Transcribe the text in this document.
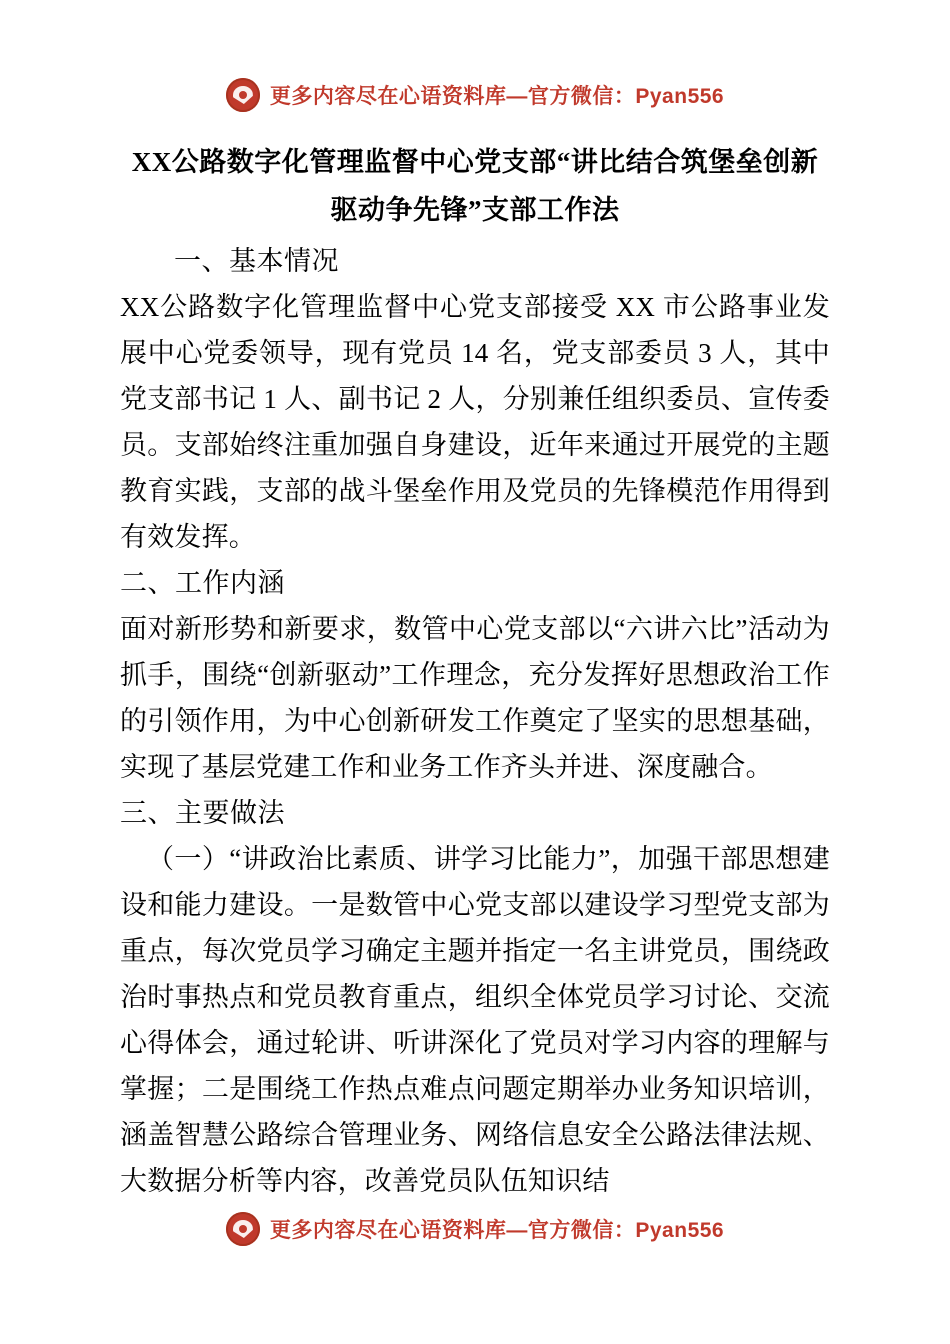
更多内容尽在心语资料库—官方微信：Pyan556
XX公路数字化管理监督中心党支部“讲比结合筑堡垒创新驱动争先锋”支部工作法

一、基本情况

XX公路数字化管理监督中心党支部接受 XX 市公路事业发展中心党委领导，现有党员 14 名，党支部委员 3 人，其中党支部书记 1 人、副书记 2 人，分别兼任组织委员、宣传委员。支部始终注重加强自身建设，近年来通过开展党的主题教育实践，支部的战斗堡垒作用及党员的先锋模范作用得到有效发挥。

二、工作内涵

面对新形势和新要求，数管中心党支部以“六讲六比”活动为抓手，围绕“创新驱动”工作理念，充分发挥好思想政治工作的引领作用，为中心创新研发工作奠定了坚实的思想基础，实现了基层党建工作和业务工作齐头并进、深度融合。

三、主要做法

（一）“讲政治比素质、讲学习比能力”，加强干部思想建设和能力建设。一是数管中心党支部以建设学习型党支部为重点，每次党员学习确定主题并指定一名主讲党员，围绕政治时事热点和党员教育重点，组织全体党员学习讨论、交流心得体会，通过轮讲、听讲深化了党员对学习内容的理解与掌握；二是围绕工作热点难点问题定期举办业务知识培训，涵盖智慧公路综合管理业务、网络信息安全公路法律法规、大数据分析等内容，改善党员队伍知识结

更多内容尽在心语资料库—官方微信：Pyan556
